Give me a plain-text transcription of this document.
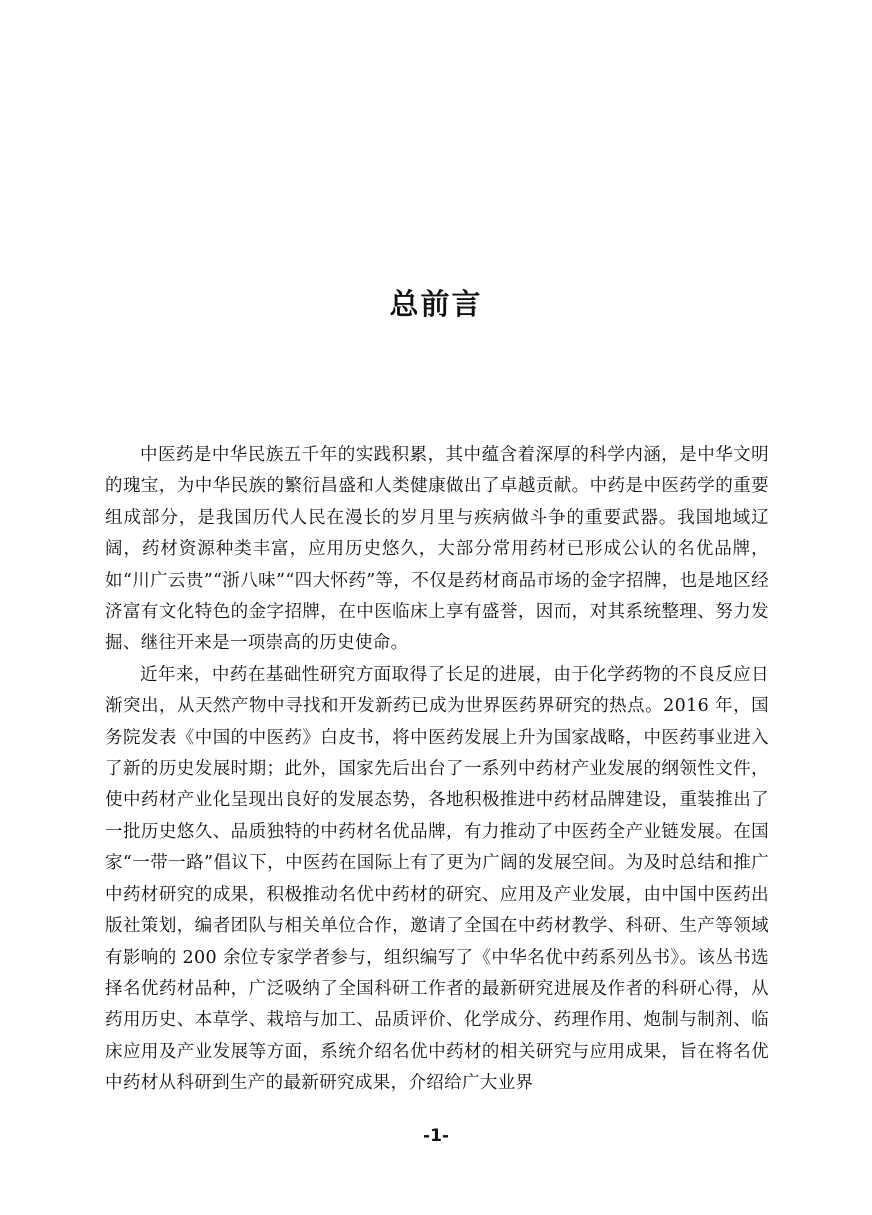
总前言

中医药是中华民族五千年的实践积累，其中蕴含着深厚的科学内涵，是中华文明的瑰宝，为中华民族的繁衍昌盛和人类健康做出了卓越贡献。中药是中医药学的重要组成部分，是我国历代人民在漫长的岁月里与疾病做斗争的重要武器。我国地域辽阔，药材资源种类丰富，应用历史悠久，大部分常用药材已形成公认的名优品牌，如“川广云贵”“浙八味”“四大怀药”等，不仅是药材商品市场的金字招牌，也是地区经济富有文化特色的金字招牌，在中医临床上享有盛誉，因而，对其系统整理、努力发掘、继往开来是一项崇高的历史使命。

近年来，中药在基础性研究方面取得了长足的进展，由于化学药物的不良反应日渐突出，从天然产物中寻找和开发新药已成为世界医药界研究的热点。2016 年，国务院发表《中国的中医药》白皮书，将中医药发展上升为国家战略，中医药事业进入了新的历史发展时期；此外，国家先后出台了一系列中药材产业发展的纲领性文件，使中药材产业化呈现出良好的发展态势，各地积极推进中药材品牌建设，重装推出了一批历史悠久、品质独特的中药材名优品牌，有力推动了中医药全产业链发展。在国家“一带一路”倡议下，中医药在国际上有了更为广阔的发展空间。为及时总结和推广中药材研究的成果，积极推动名优中药材的研究、应用及产业发展，由中国中医药出版社策划，编者团队与相关单位合作，邀请了全国在中药材教学、科研、生产等领域有影响的 200 余位专家学者参与，组织编写了《中华名优中药系列丛书》。该丛书选择名优药材品种，广泛吸纳了全国科研工作者的最新研究进展及作者的科研心得，从药用历史、本草学、栽培与加工、品质评价、化学成分、药理作用、炮制与制剂、临床应用及产业发展等方面，系统介绍名优中药材的相关研究与应用成果，旨在将名优中药材从科研到生产的最新研究成果，介绍给广大业界

-1-
